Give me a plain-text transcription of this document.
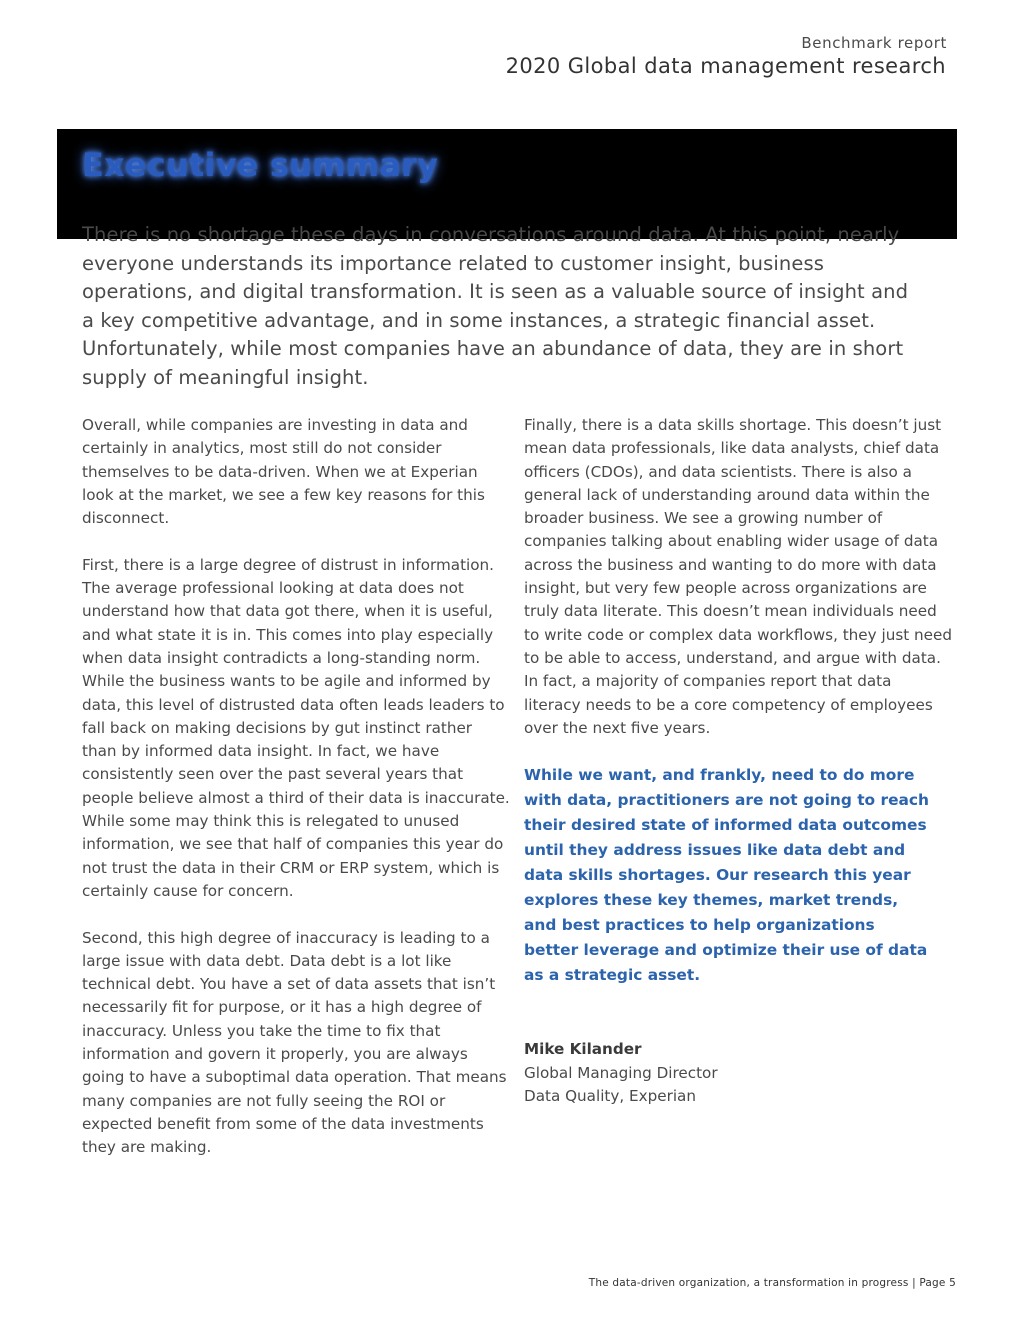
Benchmark report
2020 Global data management research
Executive summary

There is no shortage these days in conversations around data. At this point, nearly everyone understands its importance related to customer insight, business operations, and digital transformation. It is seen as a valuable source of insight and a key competitive advantage, and in some instances, a strategic financial asset. Unfortunately, while most companies have an abundance of data, they are in short supply of meaningful insight.

Overall, while companies are investing in data and certainly in analytics, most still do not consider themselves to be data-driven. When we at Experian look at the market, we see a few key reasons for this disconnect.

First, there is a large degree of distrust in information. The average professional looking at data does not understand how that data got there, when it is useful, and what state it is in. This comes into play especially when data insight contradicts a long-standing norm. While the business wants to be agile and informed by data, this level of distrusted data often leads leaders to fall back on making decisions by gut instinct rather than by informed data insight. In fact, we have consistently seen over the past several years that people believe almost a third of their data is inaccurate. While some may think this is relegated to unused information, we see that half of companies this year do not trust the data in their CRM or ERP system, which is certainly cause for concern.

Second, this high degree of inaccuracy is leading to a large issue with data debt. Data debt is a lot like technical debt. You have a set of data assets that isn’t necessarily fit for purpose, or it has a high degree of inaccuracy. Unless you take the time to fix that information and govern it properly, you are always going to have a suboptimal data operation. That means many companies are not fully seeing the ROI or expected benefit from some of the data investments they are making.

Finally, there is a data skills shortage. This doesn’t just mean data professionals, like data analysts, chief data officers (CDOs), and data scientists. There is also a general lack of understanding around data within the broader business. We see a growing number of companies talking about enabling wider usage of data across the business and wanting to do more with data insight, but very few people across organizations are truly data literate. This doesn’t mean individuals need to write code or complex data workflows, they just need to be able to access, understand, and argue with data. In fact, a majority of companies report that data literacy needs to be a core competency of employees over the next five years.

While we want, and frankly, need to do more with data, practitioners are not going to reach their desired state of informed data outcomes until they address issues like data debt and data skills shortages. Our research this year explores these key themes, market trends, and best practices to help organizations better leverage and optimize their use of data as a strategic asset.

Mike Kilander
Global Managing Director
Data Quality, Experian
The data-driven organization, a transformation in progress | Page 5
